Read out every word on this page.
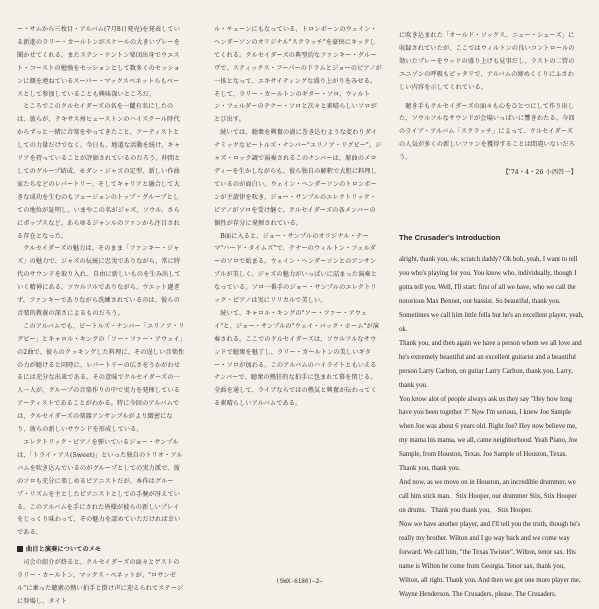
ー・サムから三枚目・アルバム(7月8日発売)を発表している新進のラリー・カールトンがスケールの大きいプレーを聞かせてくれる。またステン・ケントン楽団出身でウエスト・コーストの勉強をセッションとして数多くのセッションに顔を連ねているスーパー・マックスベネットらもベースとして参加していることも興味深いところだ。

ところでこのクルセイダーズの名を一躍有名にしたのは、彼らが、テキサス州ヒューストンのハイスクール時代からずっと一緒に音楽をやってきたこと、アーティストとしての力量だけでなく、今日も、地道な活動を続け、キャリアを持っていることが評価されているのだろう。仲間としてのグループ結成、モダン・ジャズの定型、新しい作曲家たちなどのレパートリー、そしてキャリアと融合して大きな成功を生むのもフュージョンのトップ・グループとしての地位が証明し、いまやこの名がジャズ、ソウル、さらにポップスなど、あらゆるジャンルのファンから注目される存在となった。

クルセイダーズの魅力は、そのまま「ファンキー・ジャズ」の魅力で、ジャズの伝統に忠実でありながら、常に時代のサウンドを取り入れ、自由に新しいものを生み出していく精神にある。ソウルフルでありながら、ウエット過ぎず、ファンキーでありながら洗練されているのは、彼らの音楽的教養の深さによるものだろう。

このアルバムでも、ビートルズ・ナンバー「エリノア・リグビー」とキャロル・キングの「ソー・ファー・アウェイ」の2曲で、彼らのクッキングした料理に、その逞しい音楽性の力が聴けると同時に、レパートリーの広さをうかがわせるには充分な出来である。その意味でクルセイダーズの一人一人が、グループの音楽作りの中で実力を発揮しているアーティストであることがわかる。特に今回のアルバムでは、クルセイダーズの楽器アンサンブルがより緻密になり、彼らの新しいサウンドを形成している。

エレクトリック・ピアノを弾いているジョー・サンプルは、「トライ・アス(Sweet)」といった独自のトリオ・アルバムを吹き込んでいるのがグループとしての実力派で、彼のソロも充分に楽しめるピアニストだが、本作はグループ・リズムを主としたピアニストとしての手腕が冴えている。このアルバムを手にされた皆様が彼らの新しいプレイをじっくり味わって、その魅力を認めていただければ幸いである。

曲目と演奏についてのメモ

司会の紹介が終ると、クルセイダーズの面々とゲストのラリー・カールトン、マックス・ベネットが、"ロサンゼル"に乗った聴衆の熱い拍手と掛け声に迎えられてステージに登場し、タイト

ル・チューンにもなっている、トロンボーンのウェイン・ヘンダーソンのオリジナル"スクラッチ"を豪快にキックしてくれる。クルセイダーズの典型的なファンキー・グルーヴで、スティックス・フーパーのドラムとジョーのピアノが一体となって、エキサイティングな盛り上がりをみせる。そして、ラリー・カールトンのギター・ソロ、ウィルトン・フェルダーのテナー・ソロと次々と素晴らしいソロがとび出す。

続いては、聴衆を興奮の渦に巻き込むような変わりダイナミックなビートルズ・ナンバー"エリノア・リグビー"。ジャズ・ロック調で演奏されるこのナンバーは、原曲のメロディーを生かしながらも、彼ら独自の解釈で大胆に料理しているのが面白い。ウェイン・ヘンダーソンのトロンボーンが主旋律を吹き、ジョー・サンプルのエレクトリック・ピアノがソロを受け継ぐ。クルセイダーズの各メンバーの個性が存分に発揮されている。

B面に入ると、ジョー・サンプルのオリジナル・テーマ"ハード・タイムズ"で、テナーのウィルトン・フェルダーのソロで始まる。ウェイン・ヘンダーソンとのアンサンブルが美しく、ジャズの魅力がいっぱいに詰まった演奏となっている。ソロ一番手のジョー・サンプルのエレクトリック・ピアノは実にリリカルで美しい。

続いて、キャロル・キングの"ソー・ファー・アウェイ"と、ジョー・サンプルの"ウェイ・バック・ホーム"が演奏される。ここでのクルセイダーズは、ソウルフルなサウンドで聴衆を魅了し、ラリー・カールトンの美しいギター・ソロが加わる。このアルバムのハイライトともいえるナンバーで、聴衆の熱狂的な拍手に包まれて幕を閉じる。全曲を通して、ライブならではの熱気と興奮が伝わってくる素晴らしいアルバムである。

に吹き込まれた「オールド・ソックス、ニュー・シューズ」に収録されていたが、ここではウィルトンの良いコントロールの効いたプレーをウッドの盛り上げも見事だし、ラストの二管のユニゾンの呼吸もピッタリで、アルバムの締めくくりにふさわしい内容を示してくれている。

聴き手もクルセイダーズの面々も心をひとつにして作り出した、ソウルフルなサウンドが会場いっぱいに響きわたる。今回のライブ・アルバム「スクラッチ」によって、クルセイダーズの人気が多くの新しいファンを獲得することは間違いないだろう。

【'74・4・26 小西啓一】

The Crusader's Introduction

alright, thank you, ok, scratch daddy? Ok hoh, yeah, I want to tell you who's playing for you. You know who, individually, though I gotta tell you. Well, I'll start: first of all we have, who we call the notorious Max Bennet, our bassist. So beautiful, thank you. Sometimes we call him little fella but he's an excellent player, yeah, ok.

Thank you, and then again we have a person whom we all love and he's extremely beautiful and an excellent guitarist and a beautiful person Larry Carlton, on guitar Larry Carlton, thank you, Larry, thank you.

You know alot of people always ask us they say "Hey how long have you been together ?" Now I'm serious, I knew Joe Sample when Joe was about 6 years old. Right Joe? Hey now believe me, my mama his mama, we all, came neighborhood. Yeah Piano, Joe Sample, from Houston, Texas. Joe Sample of Houston, Texas. Thank you, thank you.

And now, as we move on in Houston, an incredible drummer, we call him stick man.   Stix Hooper, our drummer Stix, Stix Hooper on drums.   Thank you thank you,    Stix Hooper.

Now we have another player, and I'll tell you the truth, though he's really my brother. Wilton and I go way back and we come way forward. We call him, "the Texas Twister", Wilton, tenor sax. His name is Wilton he come from Georgia. Tenor sax, thank you, Wilton, all right. Thank you. And then we got one more player me, Wayne Henderson. The Crusaders, please. The Crusaders.

(SWX-6180)—2—
